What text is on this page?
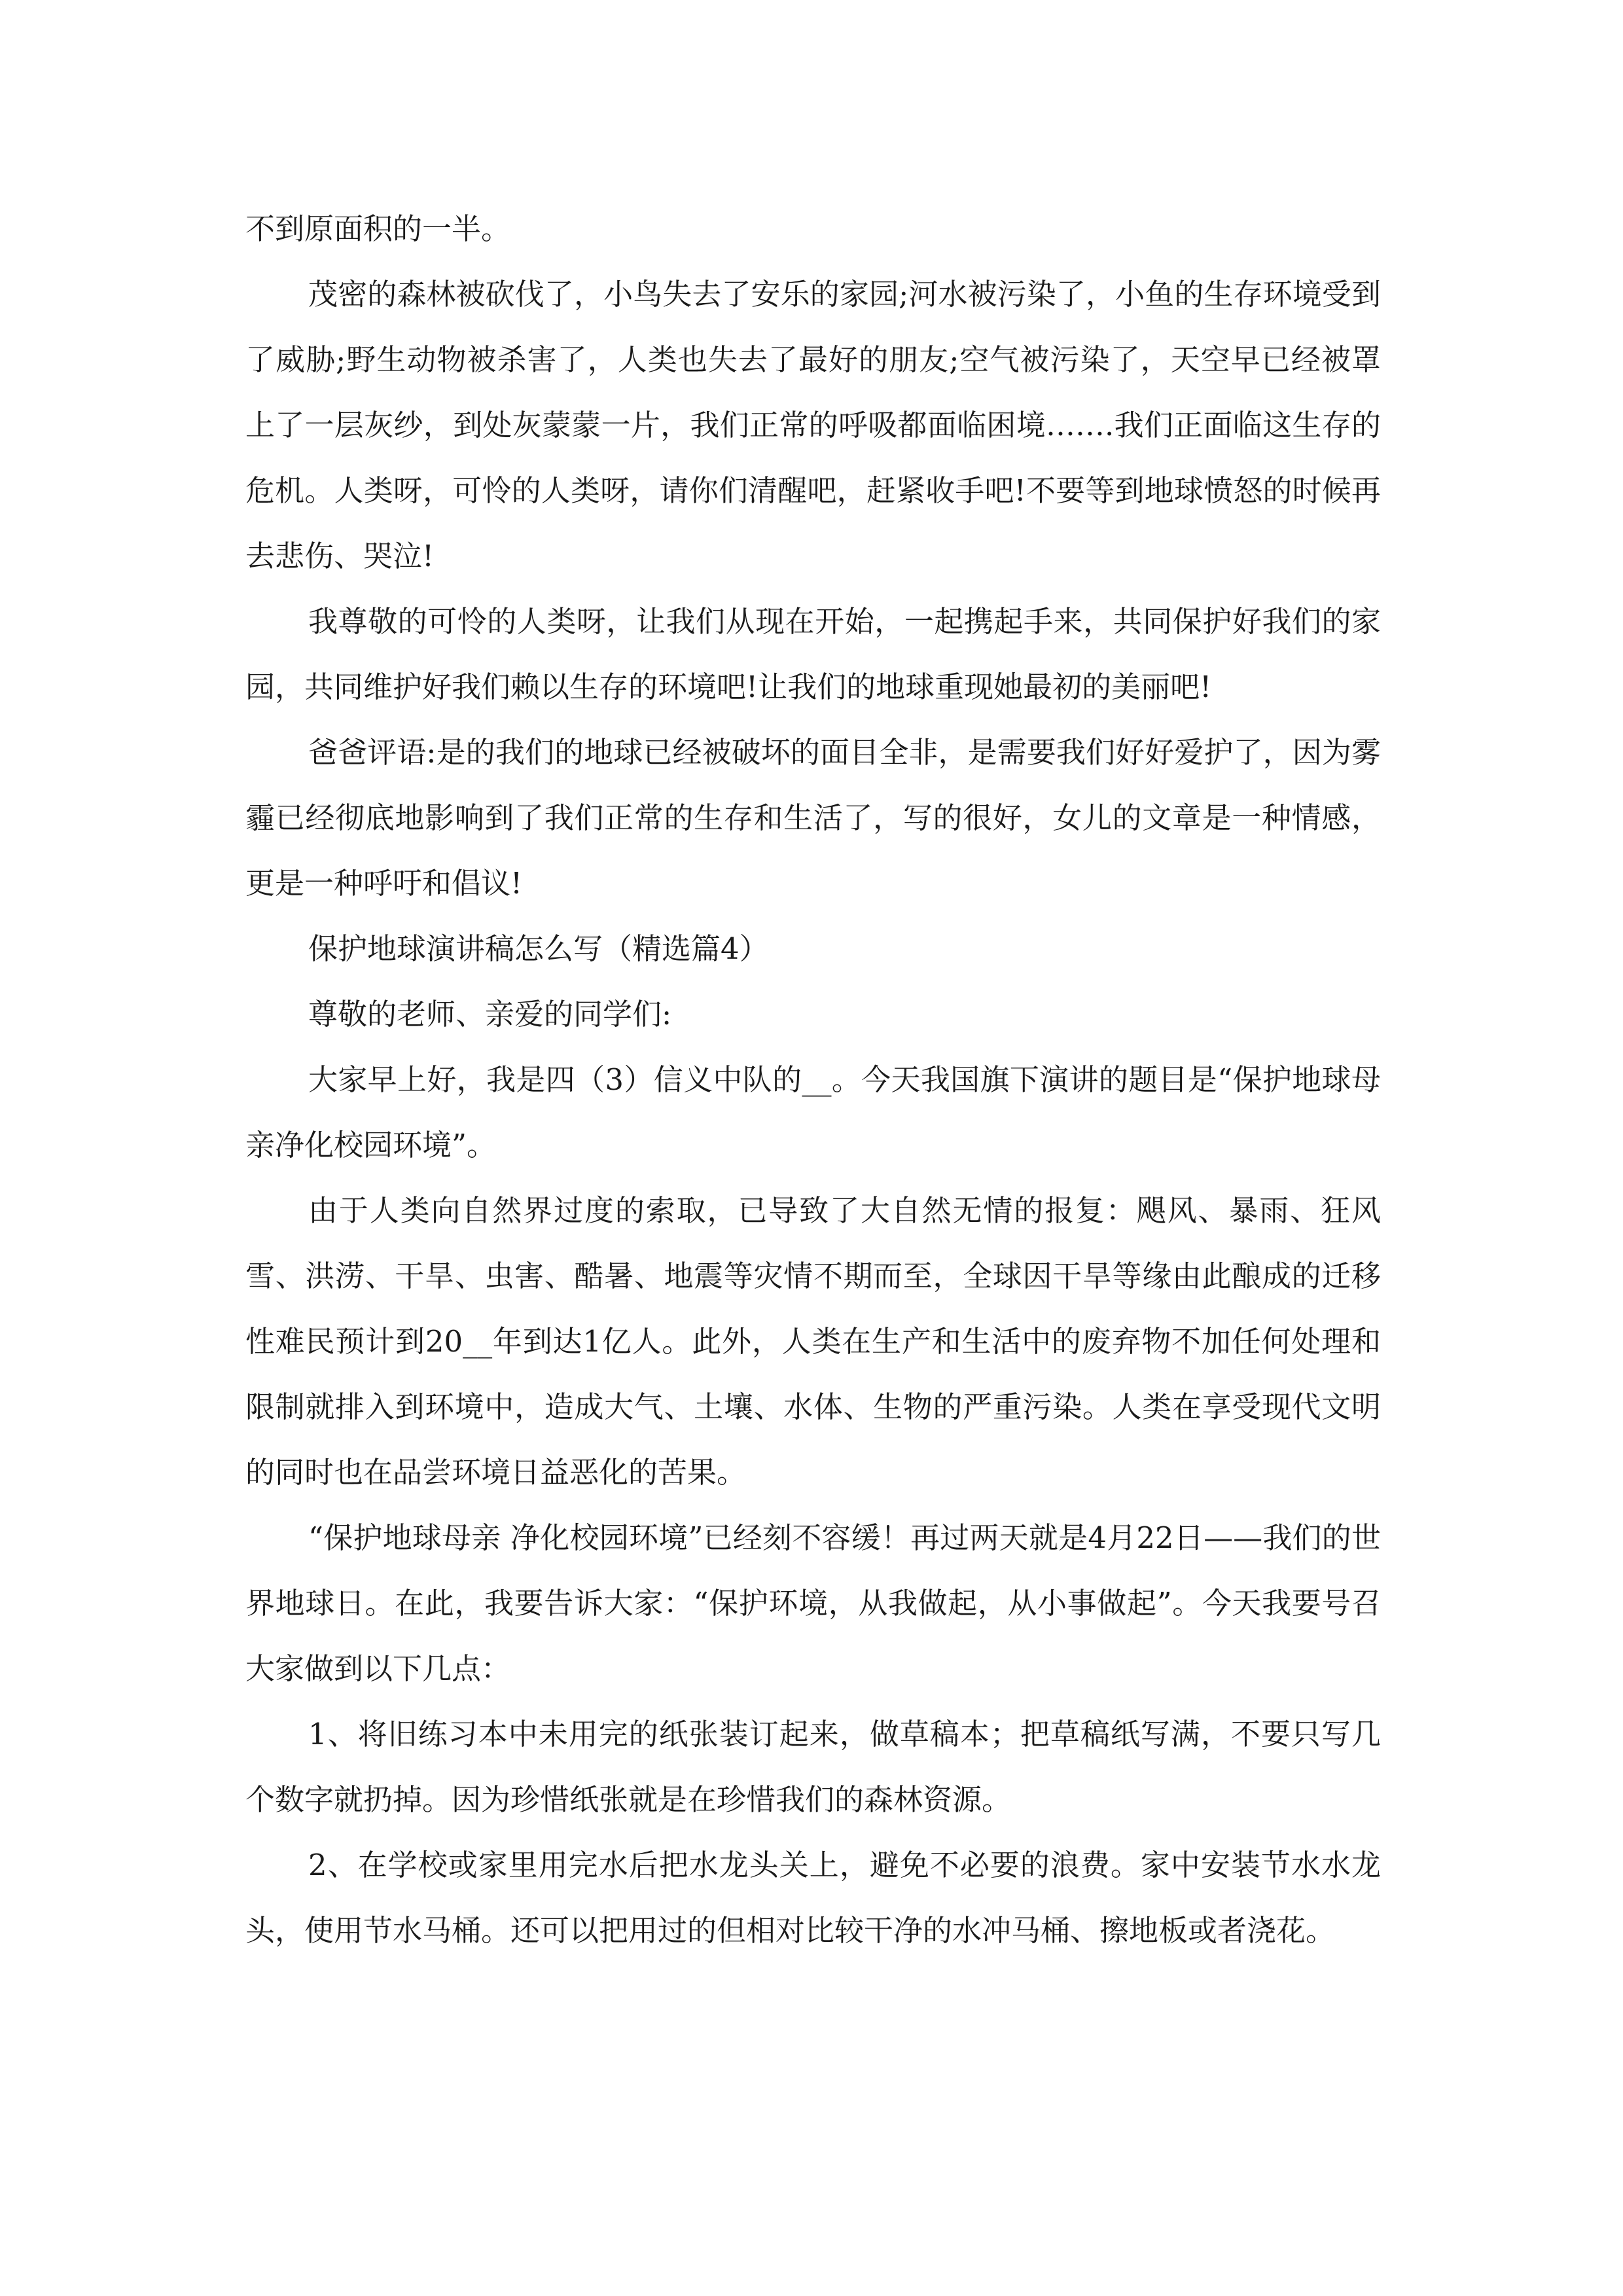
不到原面积的一半。

茂密的森林被砍伐了，小鸟失去了安乐的家园;河水被污染了，小鱼的生存环境受到了威胁;野生动物被杀害了，人类也失去了最好的朋友;空气被污染了，天空早已经被罩上了一层灰纱，到处灰蒙蒙一片，我们正常的呼吸都面临困境…….我们正面临这生存的危机。人类呀，可怜的人类呀，请你们清醒吧，赶紧收手吧!不要等到地球愤怒的时候再去悲伤、哭泣!

我尊敬的可怜的人类呀，让我们从现在开始，一起携起手来，共同保护好我们的家园，共同维护好我们赖以生存的环境吧!让我们的地球重现她最初的美丽吧!

爸爸评语:是的我们的地球已经被破坏的面目全非，是需要我们好好爱护了，因为雾霾已经彻底地影响到了我们正常的生存和生活了，写的很好，女儿的文章是一种情感，更是一种呼吁和倡议!

保护地球演讲稿怎么写（精选篇4）

尊敬的老师、亲爱的同学们:

大家早上好，我是四（3）信义中队的__。今天我国旗下演讲的题目是“保护地球母亲净化校园环境”。

由于人类向自然界过度的索取，已导致了大自然无情的报复：飓风、暴雨、狂风雪、洪涝、干旱、虫害、酷暑、地震等灾情不期而至，全球因干旱等缘由此酿成的迁移性难民预计到20__年到达1亿人。此外，人类在生产和生活中的废弃物不加任何处理和限制就排入到环境中，造成大气、土壤、水体、生物的严重污染。人类在享受现代文明的同时也在品尝环境日益恶化的苦果。

“保护地球母亲 净化校园环境”已经刻不容缓！再过两天就是4月22日——我们的世界地球日。在此，我要告诉大家：“保护环境，从我做起，从小事做起”。今天我要号召大家做到以下几点：

1、将旧练习本中未用完的纸张装订起来，做草稿本；把草稿纸写满，不要只写几个数字就扔掉。因为珍惜纸张就是在珍惜我们的森林资源。

2、在学校或家里用完水后把水龙头关上，避免不必要的浪费。家中安装节水水龙头，使用节水马桶。还可以把用过的但相对比较干净的水冲马桶、擦地板或者浇花。
